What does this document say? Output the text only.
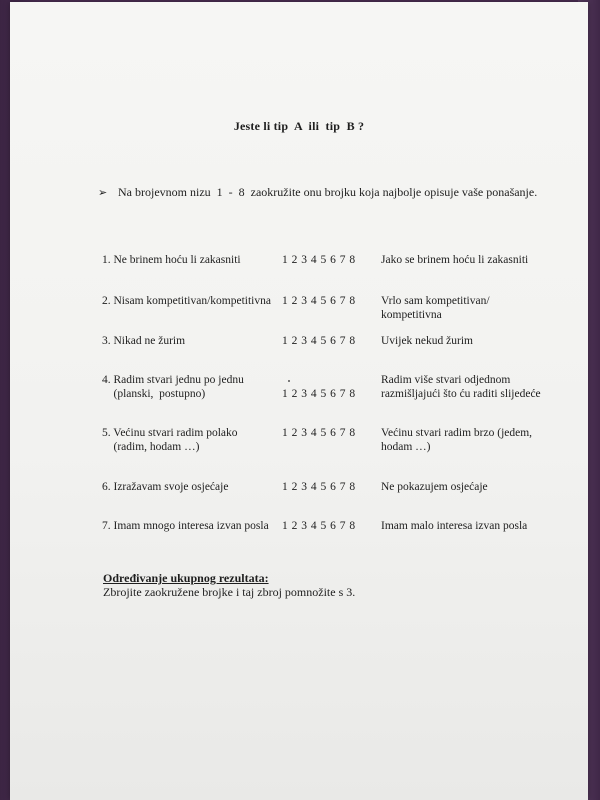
Jeste li tip  A  ili  tip  B ?
➢ Na brojevnom nizu  1  -  8  zaokružite onu brojku koja najbolje opisuje vaše ponašanje.
1. Ne brinem hoću li zakasniti	1 2 3 4 5 6 7 8 Jako se brinem hoću li zakasniti
2. Nisam kompetitivan/kompetitivna 1 2 3 4 5 6 7 8 Vrlo sam kompetitivan/
kompetitivna
3. Nikad ne žurim	1 2 3 4 5 6 7 8 Uvijek nekud žurim
4. Radim stvari jednu po jednu
(planski,  postupno)	1 2 3 4 5 6 7 8
Radim više stvari odjednom
razmišljajući što ću raditi slijedeće
5. Većinu stvari radim polako
(radim, hodam …)
1 2 3 4 5 6 7 8 Većinu stvari radim brzo (jedem,
hodam …)
6. Izražavam svoje osjećaje	1 2 3 4 5 6 7 8 Ne pokazujem osjećaje
7. Imam mnogo interesa izvan posla	1 2 3 4 5 6 7 8 Imam malo interesa izvan posla
Određivanje ukupnog rezultata:
Zbrojite zaokružene brojke i taj zbroj pomnožite s 3.
